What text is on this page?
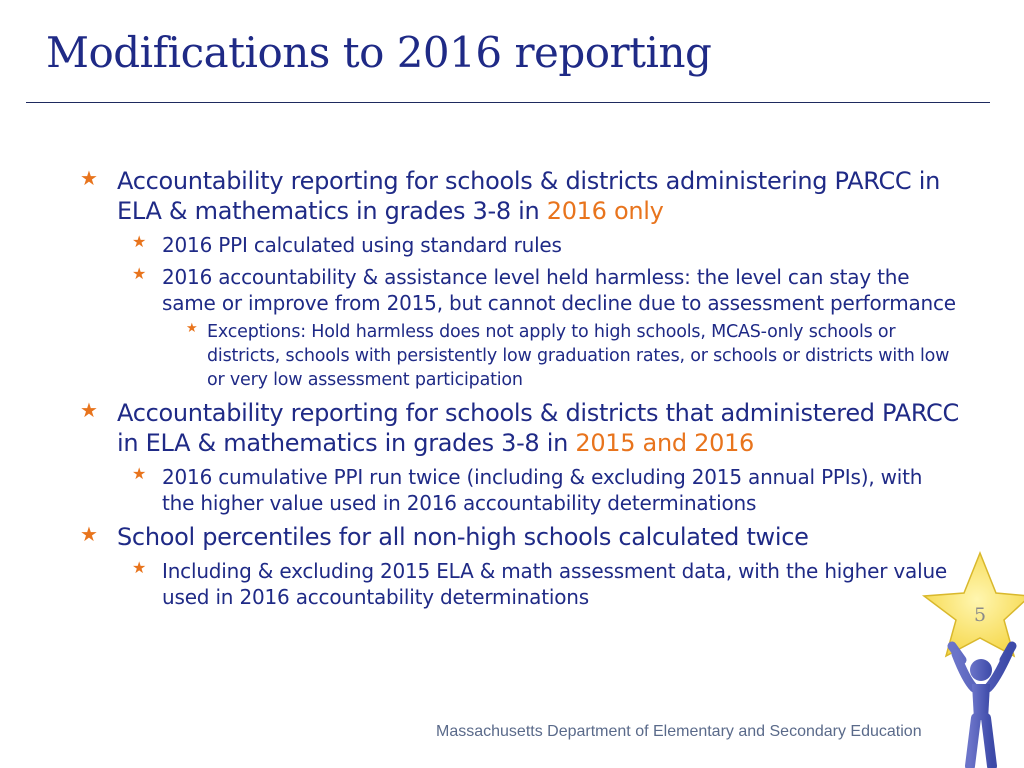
Modifications to 2016 reporting
★ Accountability reporting for schools & districts administering PARCC in ELA & mathematics in grades 3-8 in 2016 only
★ 2016 PPI calculated using standard rules
★ 2016 accountability & assistance level held harmless: the level can stay the same or improve from 2015, but cannot decline due to assessment performance
★ Exceptions: Hold harmless does not apply to high schools, MCAS-only schools or districts, schools with persistently low graduation rates, or schools or districts with low or very low assessment participation
★ Accountability reporting for schools & districts that administered PARCC in ELA & mathematics in grades 3-8 in 2015 and 2016
★ 2016 cumulative PPI run twice (including & excluding 2015 annual PPIs), with the higher value used in 2016 accountability determinations
★ School percentiles for all non-high schools calculated twice
★ Including & excluding 2015 ELA & math assessment data, with the higher value used in 2016 accountability determinations
5
Massachusetts Department of Elementary and Secondary Education
